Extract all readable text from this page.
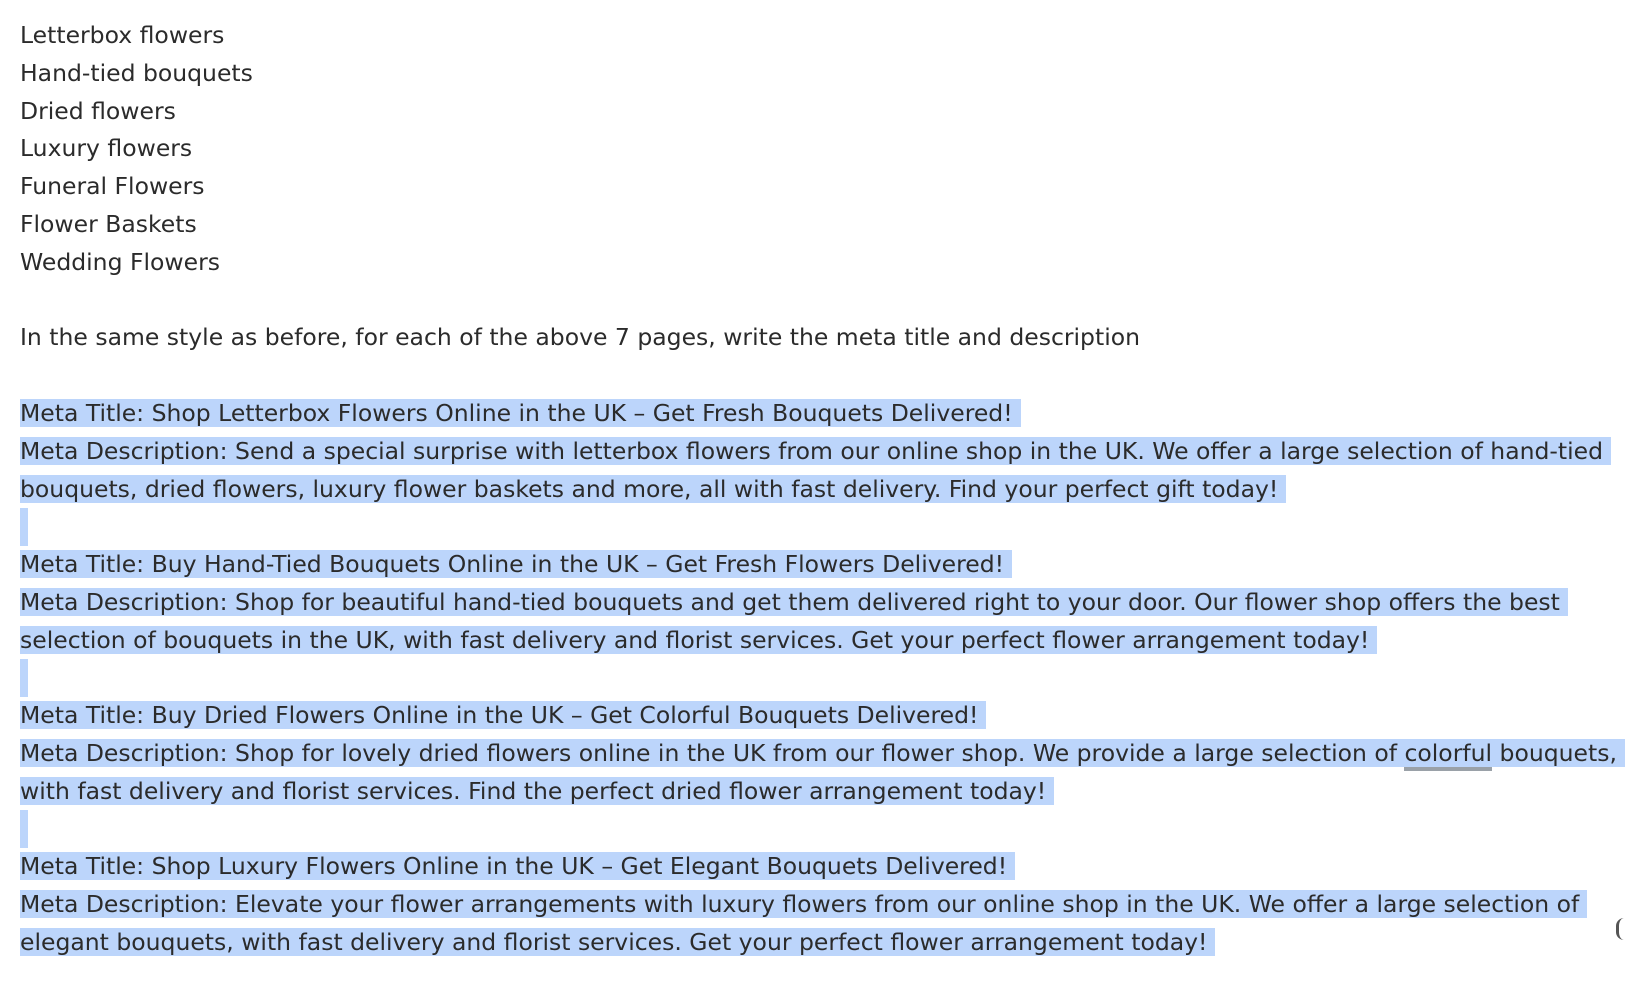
Letterbox flowers
Hand-tied bouquets
Dried flowers
Luxury flowers
Funeral Flowers
Flower Baskets
Wedding Flowers
In the same style as before, for each of the above 7 pages, write the meta title and description
Meta Title: Shop Letterbox Flowers Online in the UK – Get Fresh Bouquets Delivered!
Meta Description: Send a special surprise with letterbox flowers from our online shop in the UK. We offer a large selection of hand-tied
bouquets, dried flowers, luxury flower baskets and more, all with fast delivery. Find your perfect gift today!
Meta Title: Buy Hand-Tied Bouquets Online in the UK – Get Fresh Flowers Delivered!
Meta Description: Shop for beautiful hand-tied bouquets and get them delivered right to your door. Our flower shop offers the best
selection of bouquets in the UK, with fast delivery and florist services. Get your perfect flower arrangement today!
Meta Title: Buy Dried Flowers Online in the UK – Get Colorful Bouquets Delivered!
Meta Description: Shop for lovely dried flowers online in the UK from our flower shop. We provide a large selection of colorful bouquets,
with fast delivery and florist services. Find the perfect dried flower arrangement today!
Meta Title: Shop Luxury Flowers Online in the UK – Get Elegant Bouquets Delivered!
Meta Description: Elevate your flower arrangements with luxury flowers from our online shop in the UK. We offer a large selection of
elegant bouquets, with fast delivery and florist services. Get your perfect flower arrangement today!
